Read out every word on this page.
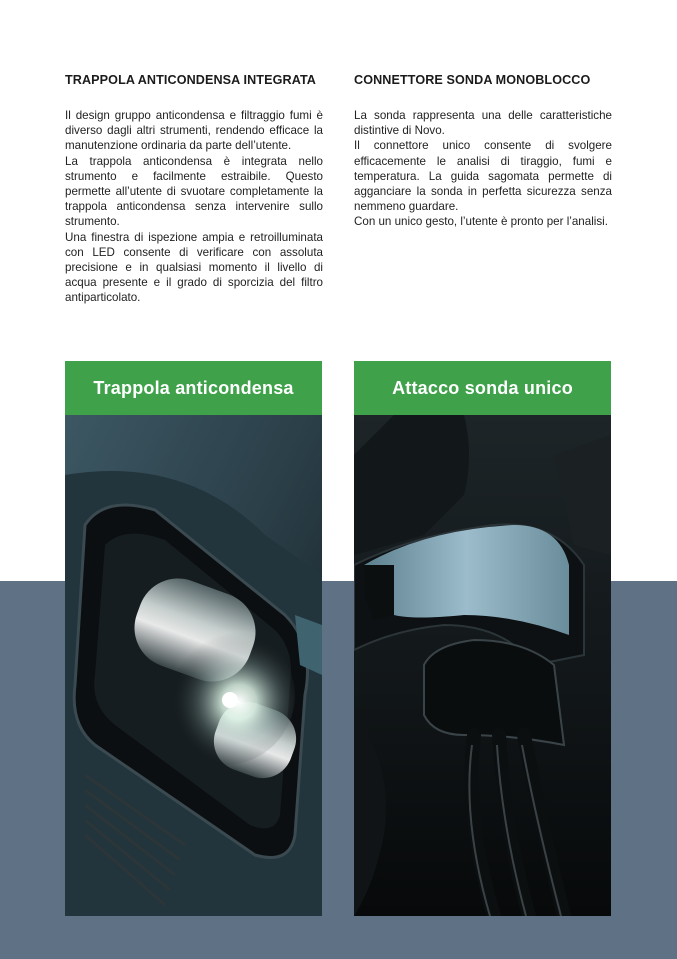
TRAPPOLA ANTICONDENSA INTEGRATA

Il design gruppo anticondensa e filtraggio fumi è diverso dagli altri strumenti, rendendo efficace la manutenzione ordinaria da parte dell’utente.

La trappola anticondensa è integrata nello strumento e facilmente estraibile. Questo permette all’utente di svuotare completamente la trappola anticondensa senza intervenire sullo strumento.

Una finestra di ispezione ampia e retroilluminata con LED consente di verificare con assoluta precisione e in qualsiasi momento il livello di acqua presente e il grado di sporcizia del filtro antiparticolato.

CONNETTORE SONDA MONOBLOCCO

La sonda rappresenta una delle caratteristiche distintive di Novo.

Il connettore unico consente di svolgere efficacemente le analisi di tiraggio, fumi e temperatura. La guida sagomata permette di agganciare la sonda in perfetta sicurezza senza nemmeno guardare.

Con un unico gesto, l’utente è pronto per l’analisi.

Trappola anticondensa	Attacco sonda unico
